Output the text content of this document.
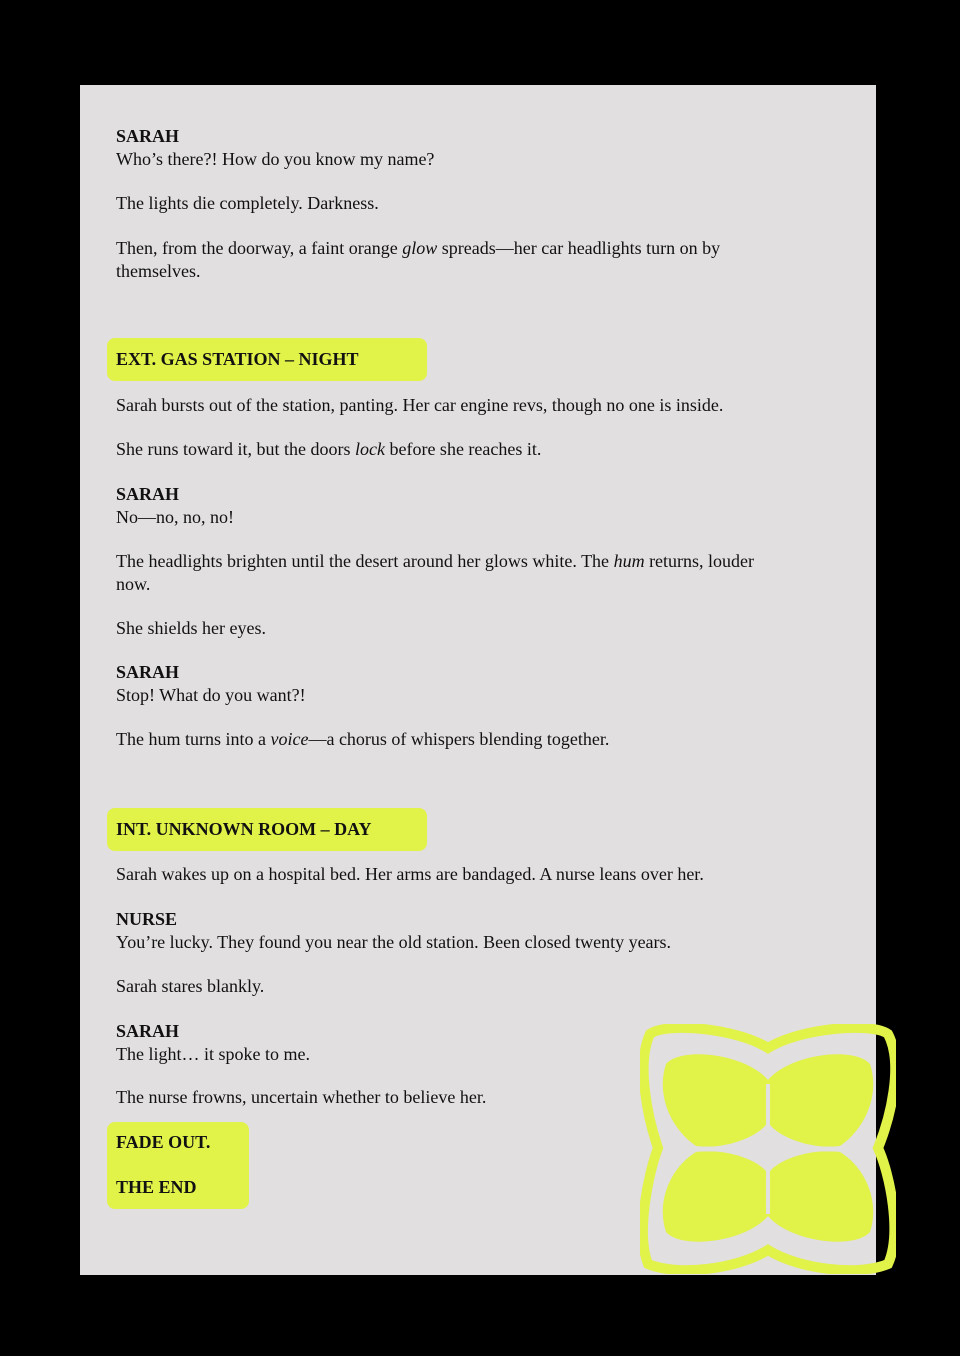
SARAH
Who’s there?! How do you know my name?
The lights die completely. Darkness.
Then, from the doorway, a faint orange glow spreads—her car headlights turn on by
themselves.
EXT. GAS STATION – NIGHT
Sarah bursts out of the station, panting. Her car engine revs, though no one is inside.
She runs toward it, but the doors lock before she reaches it.
SARAH
No—no, no, no!
The headlights brighten until the desert around her glows white. The hum returns, louder
now.
She shields her eyes.
SARAH
Stop! What do you want?!
The hum turns into a voice—a chorus of whispers blending together.
INT. UNKNOWN ROOM – DAY
Sarah wakes up on a hospital bed. Her arms are bandaged. A nurse leans over her.
NURSE
You’re lucky. They found you near the old station. Been closed twenty years.
Sarah stares blankly.
SARAH
The light… it spoke to me.
The nurse frowns, uncertain whether to believe her.
FADE OUT.
THE END
